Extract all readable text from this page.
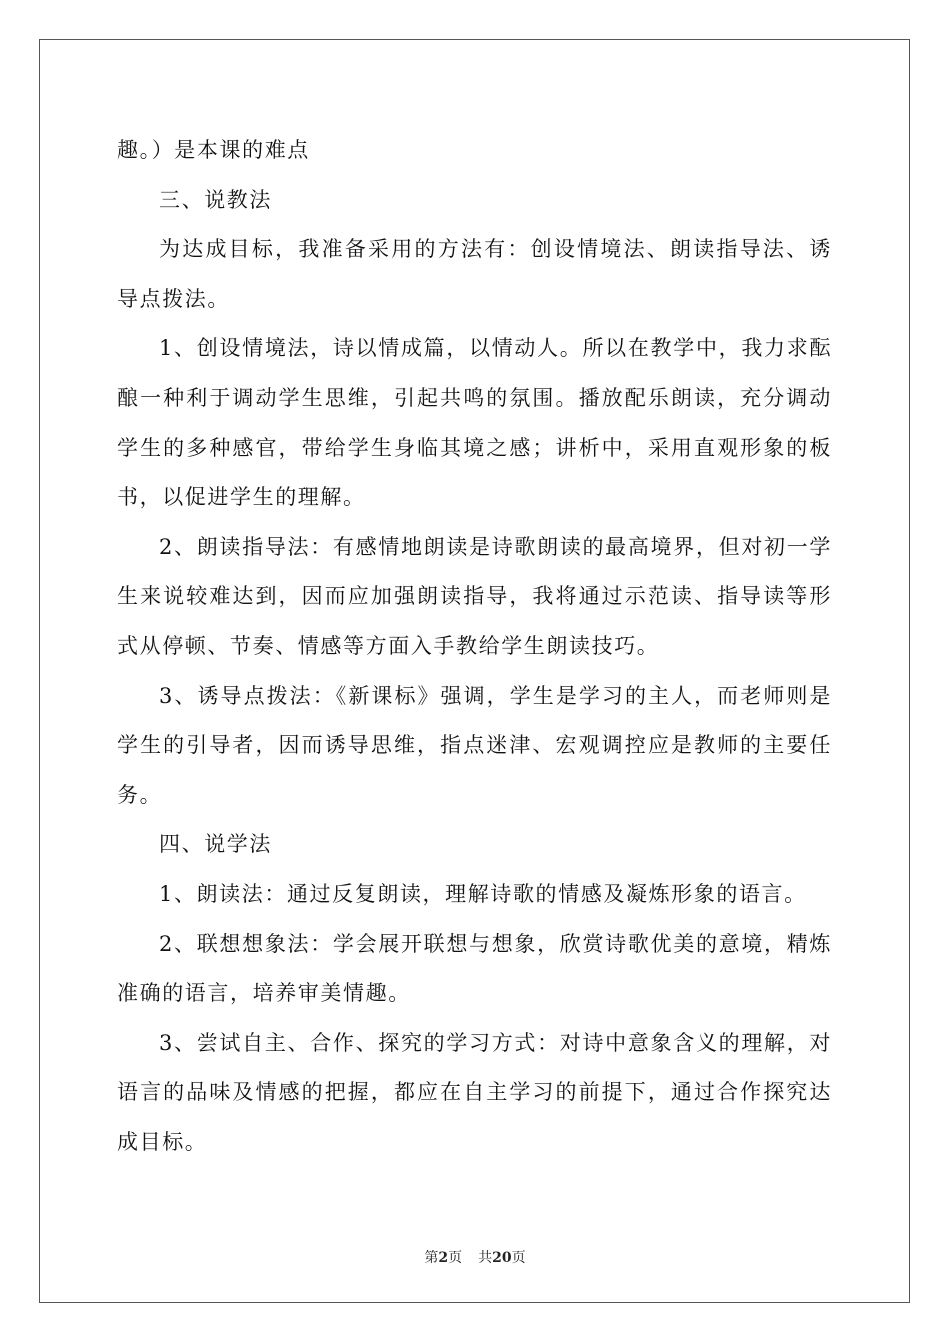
趣。）是本课的难点

三、说教法

为达成目标，我准备采用的方法有：创设情境法、朗读指导法、诱导点拨法。

1、创设情境法，诗以情成篇，以情动人。所以在教学中，我力求酝酿一种利于调动学生思维，引起共鸣的氛围。播放配乐朗读，充分调动学生的多种感官，带给学生身临其境之感；讲析中，采用直观形象的板书，以促进学生的理解。

2、朗读指导法：有感情地朗读是诗歌朗读的最高境界，但对初一学生来说较难达到，因而应加强朗读指导，我将通过示范读、指导读等形式从停顿、节奏、情感等方面入手教给学生朗读技巧。

3、诱导点拨法：《新课标》强调，学生是学习的主人，而老师则是学生的引导者，因而诱导思维，指点迷津、宏观调控应是教师的主要任务。

四、说学法

1、朗读法：通过反复朗读，理解诗歌的情感及凝炼形象的语言。

2、联想想象法：学会展开联想与想象，欣赏诗歌优美的意境，精炼准确的语言，培养审美情趣。

3、尝试自主、合作、探究的学习方式：对诗中意象含义的理解，对语言的品味及情感的把握，都应在自主学习的前提下，通过合作探究达成目标。

第2页 共20页
